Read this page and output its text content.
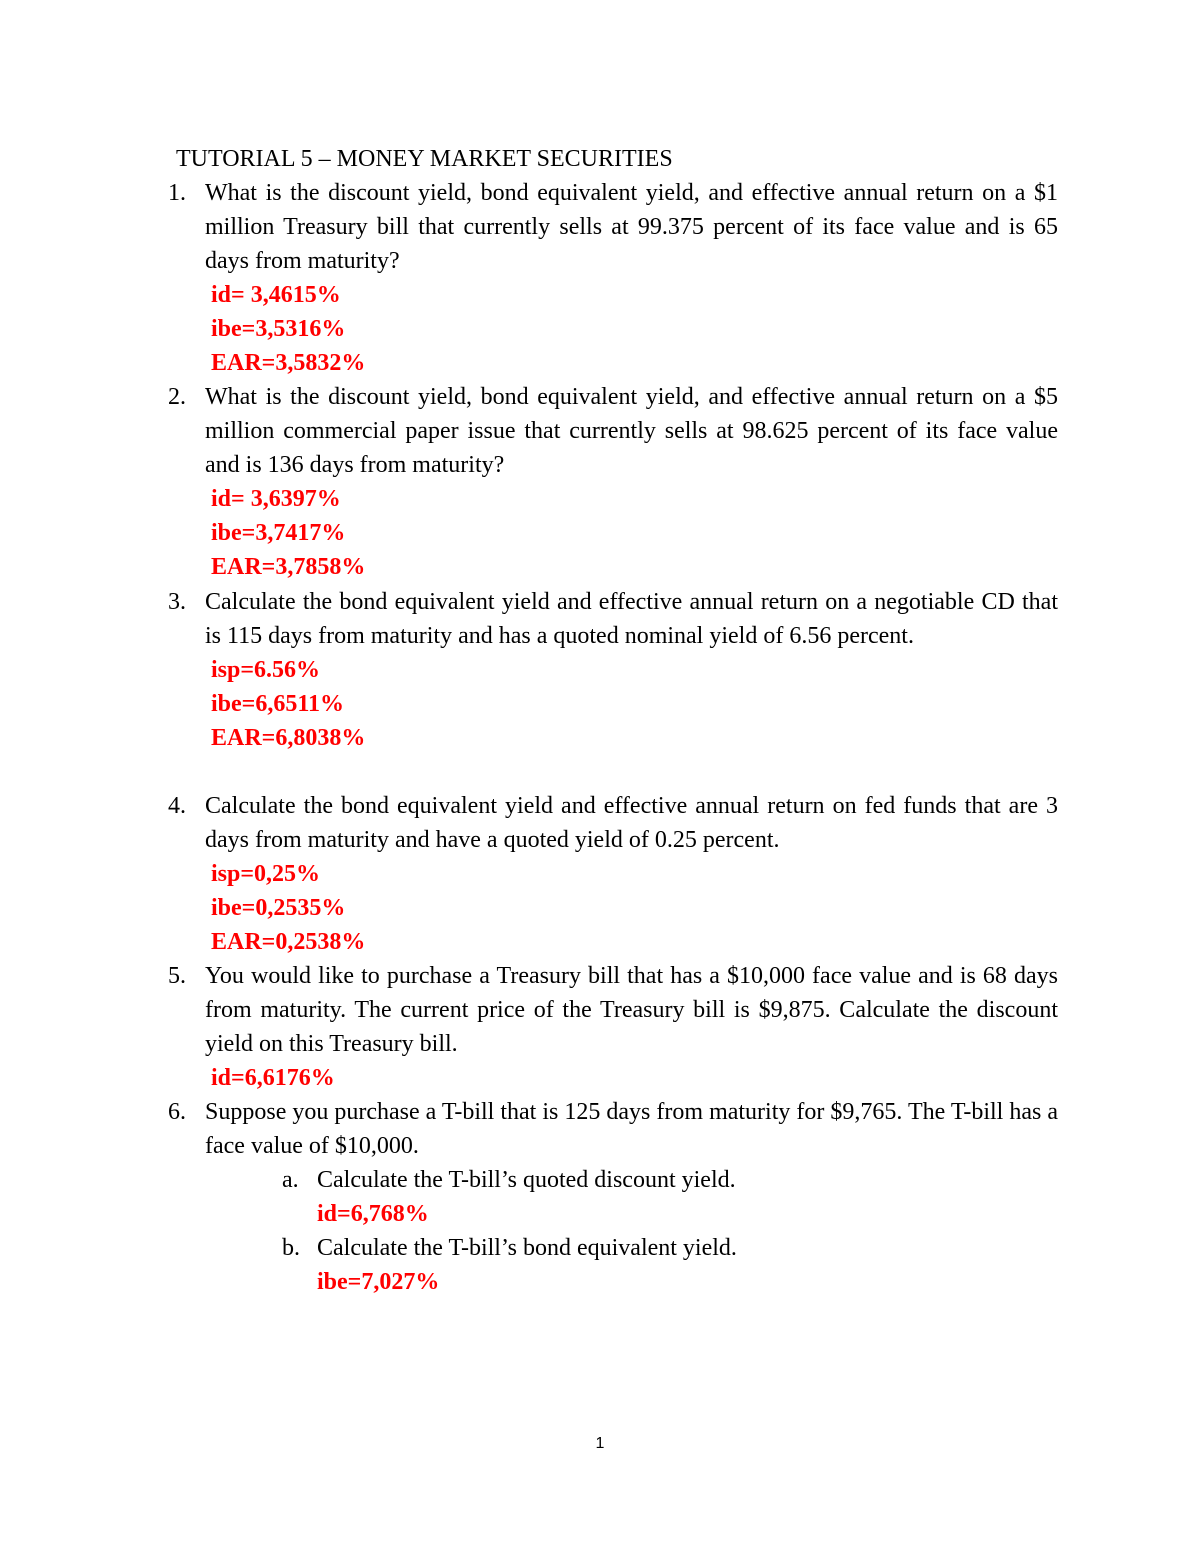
TUTORIAL 5 – MONEY MARKET SECURITIES
1. What is the discount yield, bond equivalent yield, and effective annual return on a $1 million Treasury bill that currently sells at 99.375 percent of its face value and is 65 days from maturity?
id= 3,4615%
ibe=3,5316%
EAR=3,5832%
2. What is the discount yield, bond equivalent yield, and effective annual return on a $5 million commercial paper issue that currently sells at 98.625 percent of its face value and is 136 days from maturity?
id= 3,6397%
ibe=3,7417%
EAR=3,7858%
3. Calculate the bond equivalent yield and effective annual return on a negotiable CD that is 115 days from maturity and has a quoted nominal yield of 6.56 percent.
isp=6.56%
ibe=6,6511%
EAR=6,8038%
4. Calculate the bond equivalent yield and effective annual return on fed funds that are 3 days from maturity and have a quoted yield of 0.25 percent.
isp=0,25%
ibe=0,2535%
EAR=0,2538%
5. You would like to purchase a Treasury bill that has a $10,000 face value and is 68 days from maturity. The current price of the Treasury bill is $9,875. Calculate the discount yield on this Treasury bill.
id=6,6176%
6. Suppose you purchase a T-bill that is 125 days from maturity for $9,765. The T-bill has a face value of $10,000.
a. Calculate the T-bill’s quoted discount yield.
id=6,768%
b. Calculate the T-bill’s bond equivalent yield.
ibe=7,027%
1
